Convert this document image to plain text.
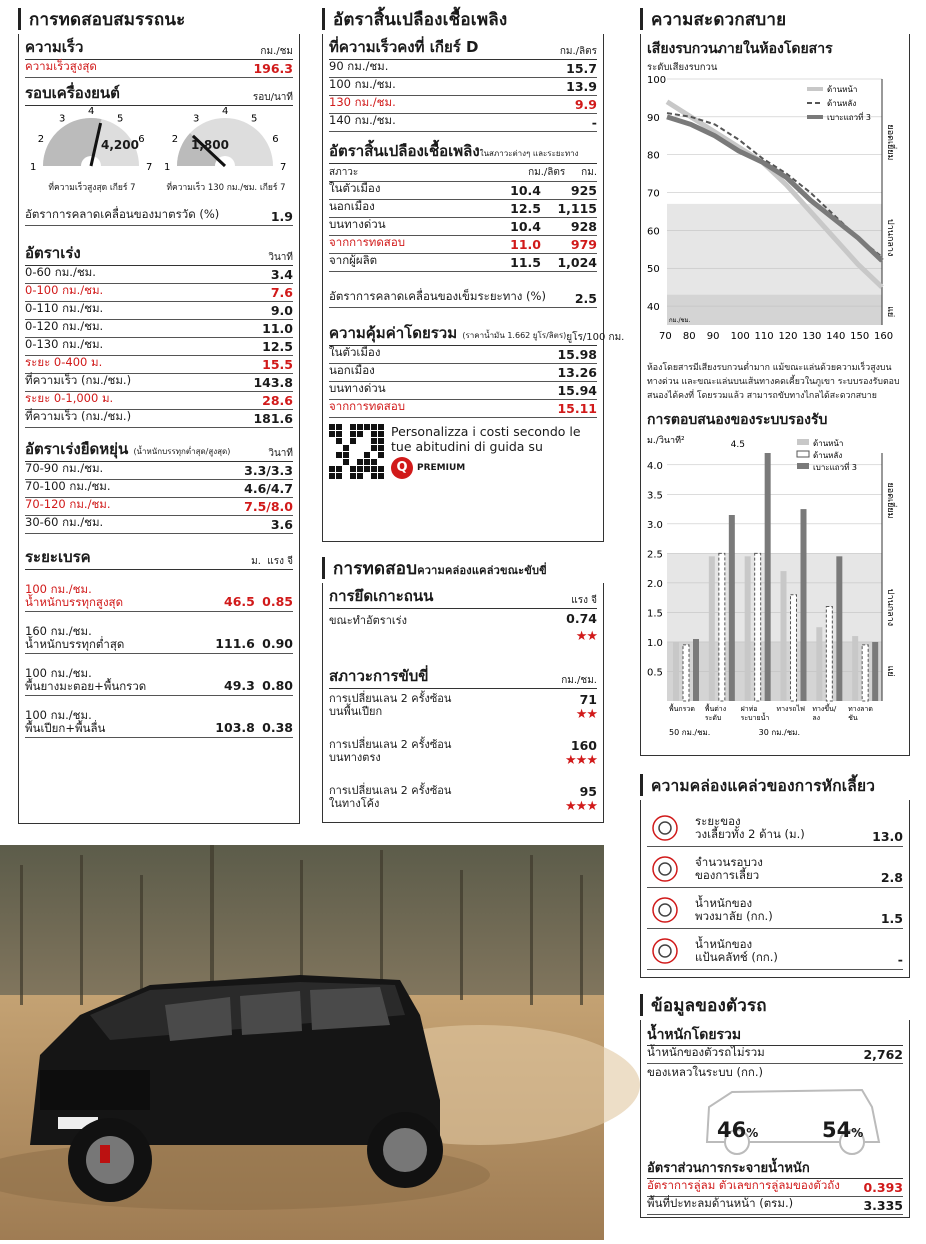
การทดสอบสมรรถนะ
ความเร็ว	กม./ชม
ความเร็วสูงสุด	196.3
รอบเครื่องยนต์	รอบ/นาที
1
2
3
4
5
6
7 1
2
3
4
5
6
7
ที่ความเร็วสูงสุด เกียร์ 7	ที่ความเร็ว 130 กม./ชม. เกียร์ 7
4,200	1,800
อัตราการคลาดเคลื่อนของมาตรวัด (%)	1.9
อัตราเร่ง	วินาที
0-60 กม./ชม.	3.4
0-100 กม./ชม.	7.6
0-110 กม./ชม.	9.0
0-120 กม./ชม.	11.0
0-130 กม./ชม.	12.5
ระยะ 0-400 ม.	15.5
ที่ความเร็ว (กม./ชม.)	143.8
ระยะ 0-1,000 ม.	28.6
ที่ความเร็ว (กม./ชม.)	181.6
อัตราเร่งยืดหยุ่น (น้ำหนักบรรทุกต่ำสุด/สูงสุด)	วินาที
70-90 กม./ชม.	3.3/3.3
70-100 กม./ชม.	4.6/4.7
70-120 กม./ชม.	7.5/8.0
30-60 กม./ชม.	3.6
ระยะเบรค	ม. แรง จี
100 กม./ชม.
น้ำหนักบรรทุกสูงสุด	46.5 0.85
160 กม./ชม.
น้ำหนักบรรทุกต่ำสุด	111.6 0.90
100 กม./ชม.
พื้นยางมะตอย+พื้นกรวด	49.3 0.80
100 กม./ชม.
พื้นเปียก+พื้นลื่น	103.8 0.38
อัตราสิ้นเปลืองเชื้อเพลิง
ที่ความเร็วคงที่ เกียร์ D	กม./ลิตร
90 กม./ชม.	15.7
100 กม./ชม.	13.9
130 กม./ชม.	9.9
140 กม./ชม.	-
อัตราสิ้นเปลืองเชื้อเพลิงในสภาวะต่างๆ และระยะทาง
สภาวะ	กม./ลิตร กม.
ในตัวเมือง	10.4 925
นอกเมือง	12.5 1,115
บนทางด่วน	10.4 928
จากการทดสอบ	11.0 979
จากผู้ผลิต	11.5 1,024
อัตราการคลาดเคลื่อนของเข็มระยะทาง (%) 2.5
ความคุ้มค่าโดยรวม (ราคาน้ำมัน 1.662 ยูโร/ลิตร) ยูโร/100 กม.
ในตัวเมือง	15.98
นอกเมือง	13.26
บนทางด่วน	15.94
จากการทดสอบ	15.11
Personalizza i costi secondo le tue abitudini di guida su
Q	PREMIUM
การทดสอบความคล่องแคล่วขณะขับขี่
การยึดเกาะถนน	แรง จี
ขณะทำอัตราเร่ง	0.74
★★
สภาวะการขับขี่	กม./ชม.
การเปลี่ยนเลน 2 ครั้งซ้อน
บนพื้นเปียก
71
★★
การเปลี่ยนเลน 2 ครั้งซ้อน
บนทางตรง
160
★★★
การเปลี่ยนเลน 2 ครั้งซ้อน
ในทางโค้ง
95
★★★
ความสะดวกสบาย
เสียงรบกวนภายในห้องโดยสาร
ระดับเสียงรบกวน
40
50
60
70
80
90
100
70 80 90 100 110 120 130 140 150 160
ยอดเยี่ยม
ปานกลาง
แย่
กม./ชม.
ด้านหน้า
ด้านหลัง
เบาะแถวที่ 3
ห้องโดยสารมีเสียงรบกวนต่ำมาก แม้ขณะแล่นด้วยความเร็วสูงบนทางด่วน และขณะแล่นบนเส้นทางคดเคี้ยวในภูเขา ระบบรองรับตอบสนองได้คงที่ โดยรวมแล้ว สามารถขับทางไกลได้สะดวกสบาย
การตอบสนองของระบบรองรับ
ม./วินาที²
0.5
1.0
1.5
2.0
2.5
3.0
3.5
4.0
ยอดเยี่ยม
ปานกลาง
แย่
ด้านหน้า
ด้านหลัง
เบาะแถวที่ 3
4.5
พื้นกรวด พื้นต่าง
ระดับ
ฝาท่อ
ระบายน้ำ
ทางรถไฟ ทางขึ้น/
ลง
ทางลาด
ชัน
50 กม./ชม.	30 กม./ชม.
ความคล่องแคล่วของการหักเลี้ยว
ระยะของ
วงเลี้ยวทั้ง 2 ด้าน (ม.)	13.0
จำนวนรอบวง
ของการเลี้ยว	2.8
น้ำหนักของ
พวงมาลัย (กก.)	1.5
น้ำหนักของ
แป้นคลัทช์ (กก.)	-
ข้อมูลของตัวรถ
น้ำหนักโดยรวม
น้ำหนักของตัวรถไม่รวม	2,762
ของเหลวในระบบ (กก.)
46%	54%
อัตราส่วนการกระจายน้ำหนัก
อัตราการลู่ลม ตัวเลขการลู่ลมของตัวถัง 0.393
พื้นที่ปะทะลมด้านหน้า (ตรม.)	3.335
